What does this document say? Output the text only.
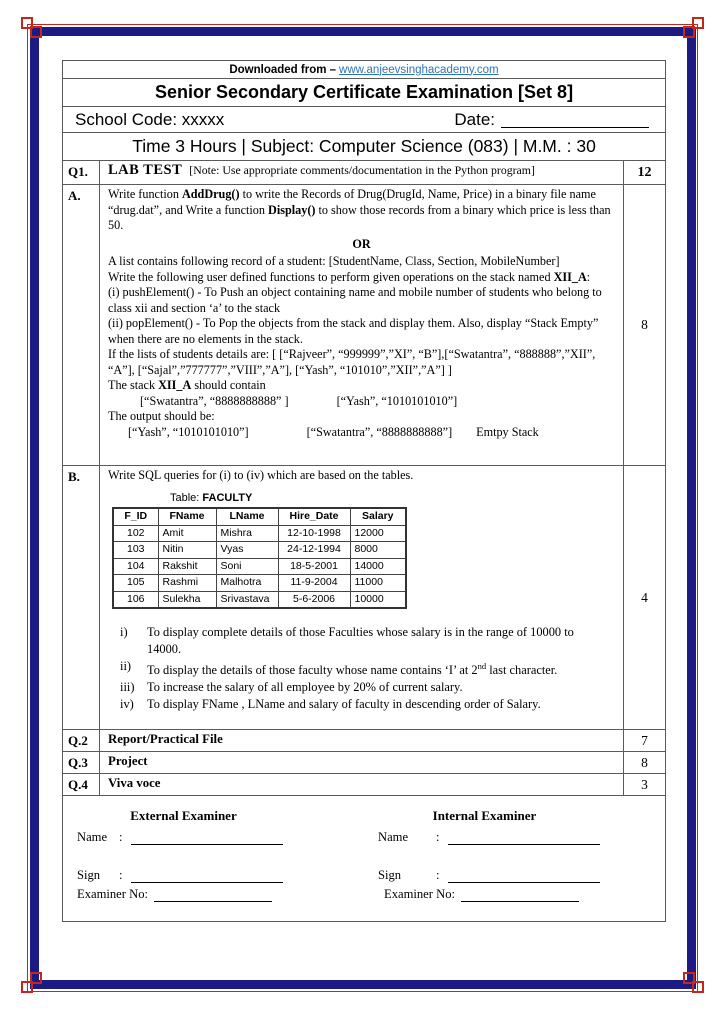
Downloaded from – www.anjeevsinghacademy.com
Senior Secondary Certificate Examination [Set 8]
School Code: xxxxx	Date:
Time 3 Hours | Subject: Computer Science (083) | M.M. : 30
Q1.	LAB TEST [Note: Use appropriate comments/documentation in the Python program]	12
A.	Write function AddDrug() to write the Records of Drug(DrugId, Name, Price) in a binary file name “drug.dat”, and Write a function Display() to show those records from a binary which price is less than 50.
OR
A list contains following record of a student: [StudentName, Class, Section, MobileNumber]
Write the following user defined functions to perform given operations on the stack named XII_A:
(i) pushElement() - To Push an object containing name and mobile number of students who belong to class xii and section ‘a’ to the stack
(ii) popElement() - To Pop the objects from the stack and display them. Also, display “Stack Empty” when there are no elements in the stack.
If the lists of students details are: [ [“Rajveer”, “999999”,”XI”, “B”],[“Swatantra”, “888888”,”XII”, “A”], [“Sajal”,”777777”,”VIII”,”A”], [“Yash”, “101010”,”XII”,”A”] ]
The stack XII_A should contain
[“Swatantra”, “8888888888” ]	[“Yash”, “1010101010”]
The output should be:
[“Yash”, “1010101010”]	[“Swatantra”, “8888888888”] Emtpy Stack
8
B.	Write SQL queries for (i) to (iv) which are based on the tables.
Table: FACULTY
F_ID	FName	LName	Hire_Date	Salary
102	Amit	Mishra	12-10-1998	12000
103	Nitin	Vyas	24-12-1994	8000
104	Rakshit	Soni	18-5-2001	14000
105	Rashmi	Malhotra	11-9-2004	11000
106	Sulekha	Srivastava	5-6-2006	10000
i)	To display complete details of those Faculties whose salary is in the range of 10000 to 14000.
ii)	To display the details of those faculty whose name contains ‘I’ at 2nd last character.
iii)	To increase the salary of all employee by 20% of current salary.
iv)	To display FName , LName and salary of faculty in descending order of Salary.
4
Q.2	Report/Practical File	7
Q.3	Project	8
Q.4	Viva voce	3
External Examiner
Name :
Sign	:
Examiner No:
Internal Examiner
Name	:
Sign	:
Examiner No:
